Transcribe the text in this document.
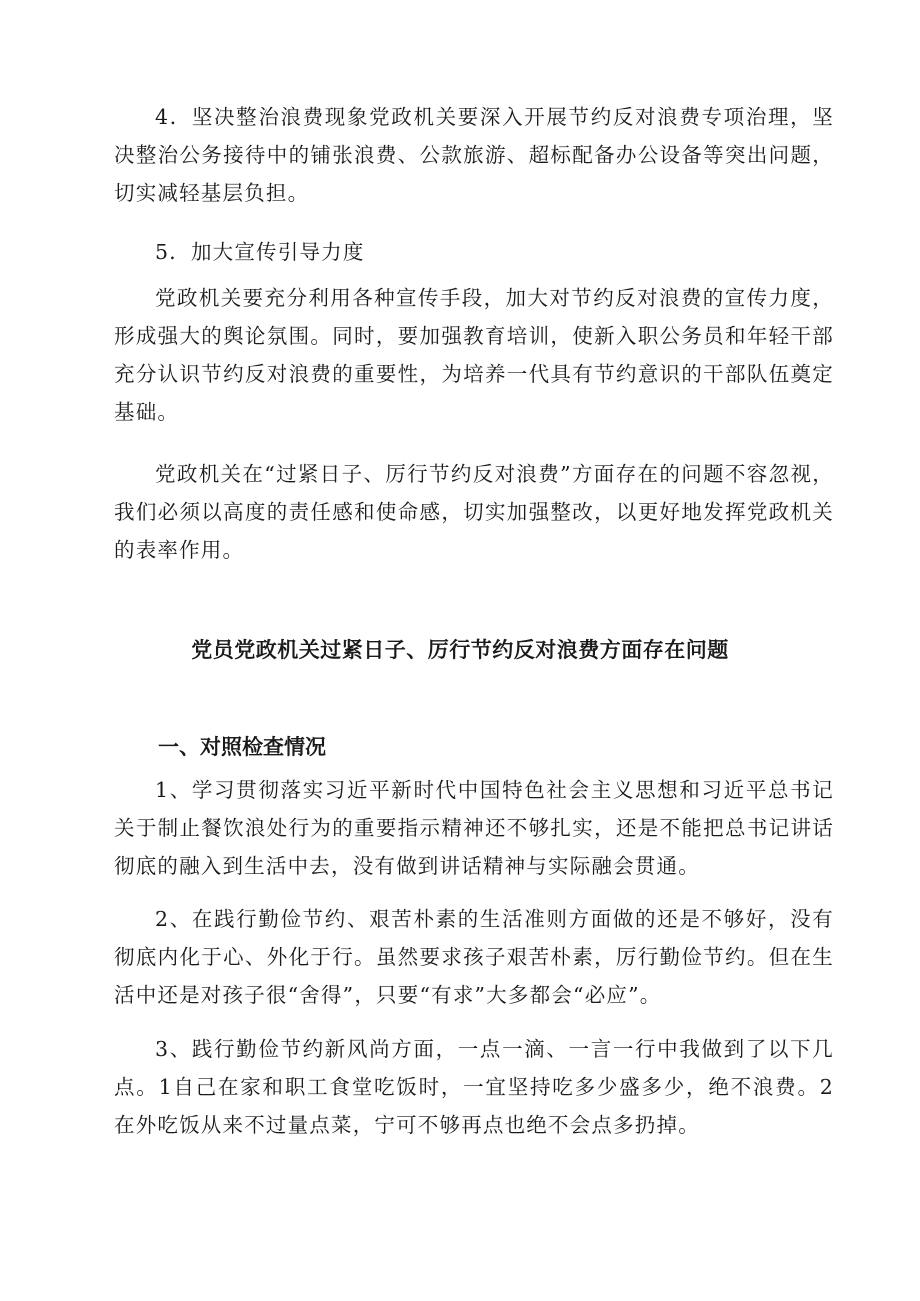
4．坚决整治浪费现象党政机关要深入开展节约反对浪费专项治理，坚决整治公务接待中的铺张浪费、公款旅游、超标配备办公设备等突出问题，切实减轻基层负担。

5．加大宣传引导力度

党政机关要充分利用各种宣传手段，加大对节约反对浪费的宣传力度，形成强大的舆论氛围。同时，要加强教育培训，使新入职公务员和年轻干部充分认识节约反对浪费的重要性，为培养一代具有节约意识的干部队伍奠定基础。

党政机关在“过紧日子、厉行节约反对浪费”方面存在的问题不容忽视，我们必须以高度的责任感和使命感，切实加强整改，以更好地发挥党政机关的表率作用。

党员党政机关过紧日子、厉行节约反对浪费方面存在问题
一、对照检查情况

1、学习贯彻落实习近平新时代中国特色社会主义思想和习近平总书记关于制止餐饮浪处行为的重要指示精神还不够扎实，还是不能把总书记讲话彻底的融入到生活中去，没有做到讲话精神与实际融会贯通。

2、在践行勤俭节约、艰苦朴素的生活准则方面做的还是不够好，没有彻底内化于心、外化于行。虽然要求孩子艰苦朴素，厉行勤俭节约。但在生活中还是对孩子很“舍得”，只要“有求”大多都会“必应”。

3、践行勤俭节约新风尚方面，一点一滴、一言一行中我做到了以下几点。1自己在家和职工食堂吃饭时，一宜坚持吃多少盛多少，绝不浪费。2在外吃饭从来不过量点菜，宁可不够再点也绝不会点多扔掉。
